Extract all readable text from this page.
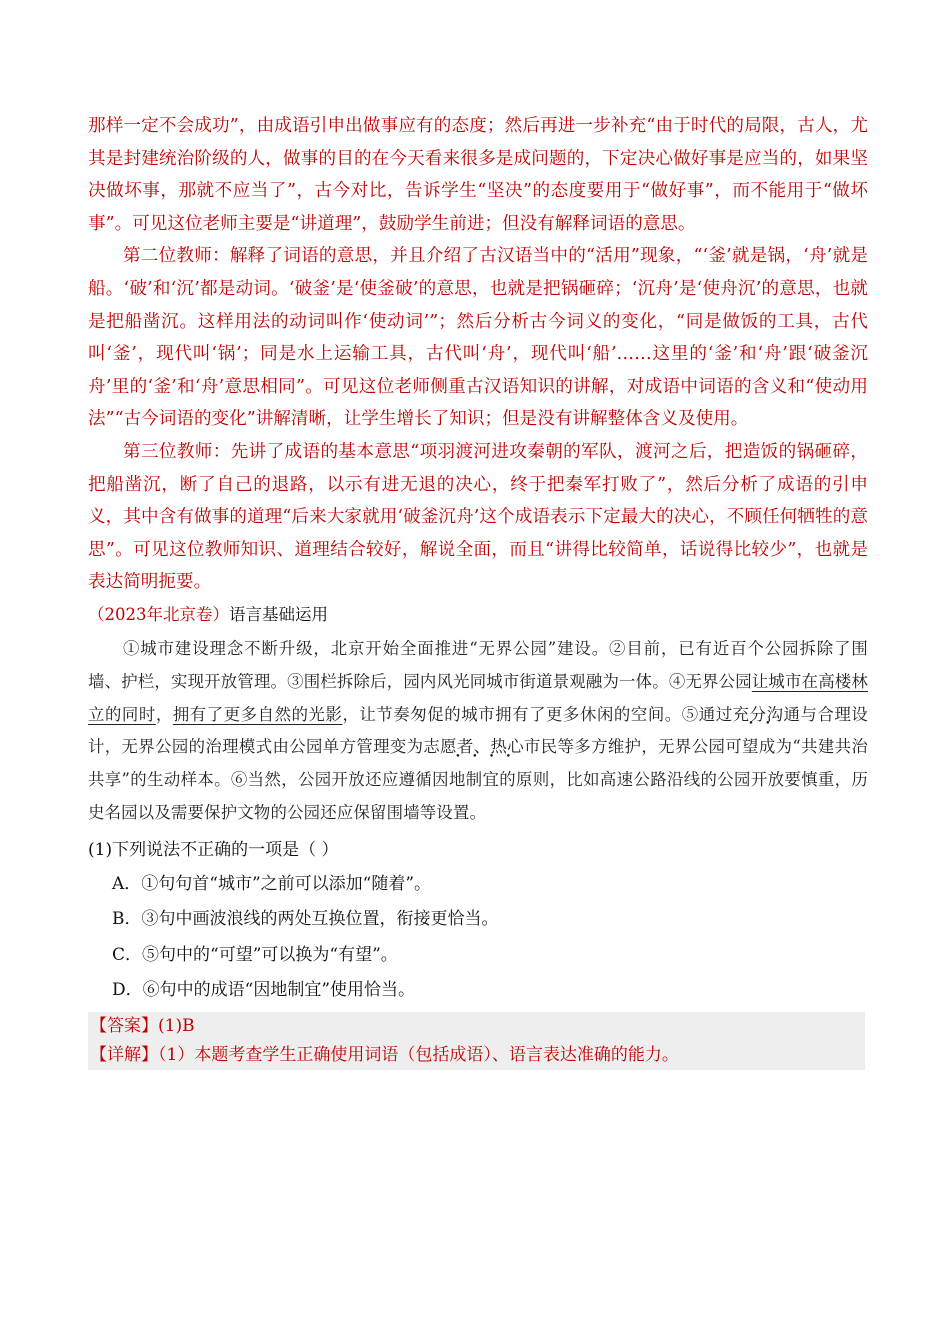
那样一定不会成功”，由成语引申出做事应有的态度；然后再进一步补充“由于时代的局限，古人，尤其是封建统治阶级的人，做事的目的在今天看来很多是成问题的，下定决心做好事是应当的，如果坚决做坏事，那就不应当了”，古今对比，告诉学生“坚决”的态度要用于“做好事”，而不能用于“做坏事”。可见这位老师主要是“讲道理”，鼓励学生前进；但没有解释词语的意思。

第二位教师：解释了词语的意思，并且介绍了古汉语当中的“活用”现象，“‘釜’就是锅，‘舟’就是船。‘破’和‘沉’都是动词。‘破釜’是‘使釜破’的意思，也就是把锅砸碎；‘沉舟’是‘使舟沉’的意思，也就是把船凿沉。这样用法的动词叫作‘使动词’”；然后分析古今词义的变化，“同是做饭的工具，古代叫‘釜’，现代叫‘锅’；同是水上运输工具，古代叫‘舟’，现代叫‘船’……这里的‘釜’和‘舟’跟‘破釜沉舟’里的‘釜’和‘舟’意思相同”。可见这位老师侧重古汉语知识的讲解，对成语中词语的含义和“使动用法”“古今词语的变化”讲解清晰，让学生增长了知识；但是没有讲解整体含义及使用。

第三位教师：先讲了成语的基本意思“项羽渡河进攻秦朝的军队，渡河之后，把造饭的锅砸碎，把船凿沉，断了自己的退路，以示有进无退的决心，终于把秦军打败了”，然后分析了成语的引申义，其中含有做事的道理“后来大家就用‘破釜沉舟’这个成语表示下定最大的决心，不顾任何牺牲的意思”。可见这位教师知识、道理结合较好，解说全面，而且“讲得比较简单，话说得比较少”，也就是表达简明扼要。

（2023年北京卷）语言基础运用

①城市建设理念不断升级，北京开始全面推进“无界公园”建设。②目前，已有近百个公园拆除了围墙、护栏，实现开放管理。③围栏拆除后，园内风光同城市街道景观融为一体。④无界公园让城市在高楼林立的同时，拥有了更多自然的光影，让节奏匆促的城市拥有了更多休闲的空间。⑤通过充分沟通与合理设计，无界公园的治理模式由公园单方管理变为志愿者、热心市民等多方维护，无界公园可望成为“共建共治共享”的生动样本。⑥当然，公园开放还应遵循因地制宜的原则，比如高速公路沿线的公园开放要慎重，历史名园以及需要保护文物的公园还应保留围墙等设置。

(1)下列说法不正确的一项是（ ）

A．①句句首“城市”之前可以添加“随着”。

B．③句中画波浪线的两处互换位置，衔接更恰当。

C．⑤句中的“可望”可以换为“有望”。

D．⑥句中的成语“因地制宜”使用恰当。

【答案】(1)B
【详解】（1）本题考查学生正确使用词语（包括成语）、语言表达准确的能力。
